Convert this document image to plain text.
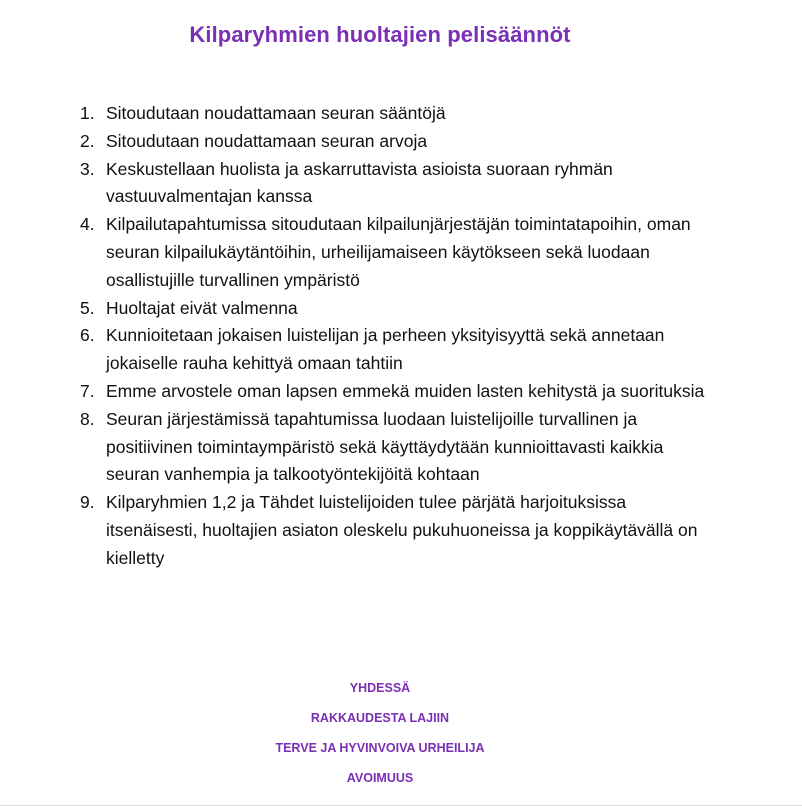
Kilparyhmien huoltajien pelisäännöt
1. Sitoudutaan noudattamaan seuran sääntöjä
2. Sitoudutaan noudattamaan seuran arvoja
3. Keskustellaan huolista ja askarruttavista asioista suoraan ryhmän vastuuvalmentajan kanssa
4. Kilpailutapahtumissa sitoudutaan kilpailunjärjestäjän toimintatapoihin, oman seuran kilpailukäytäntöihin, urheilijamaiseen käytökseen sekä luodaan osallistujille turvallinen ympäristö
5. Huoltajat eivät valmenna
6. Kunnioitetaan jokaisen luistelijan ja perheen yksityisyyttä sekä annetaan jokaiselle rauha kehittyä omaan tahtiin
7. Emme arvostele oman lapsen emmekä muiden lasten kehitystä ja suorituksia
8. Seuran järjestämissä tapahtumissa luodaan luistelijoille turvallinen ja positiivinen toimintaympäristö sekä käyttäydytään kunnioittavasti kaikkia seuran vanhempia ja talkootyöntekijöitä kohtaan
9. Kilparyhmien 1,2 ja Tähdet luistelijoiden tulee pärjätä harjoituksissa itsenäisesti, huoltajien asiaton oleskelu pukuhuoneissa ja koppikäytävällä on kielletty
YHDESSÄ
RAKKAUDESTA LAJIIN
TERVE JA HYVINVOIVA URHEILIJA
AVOIMUUS
